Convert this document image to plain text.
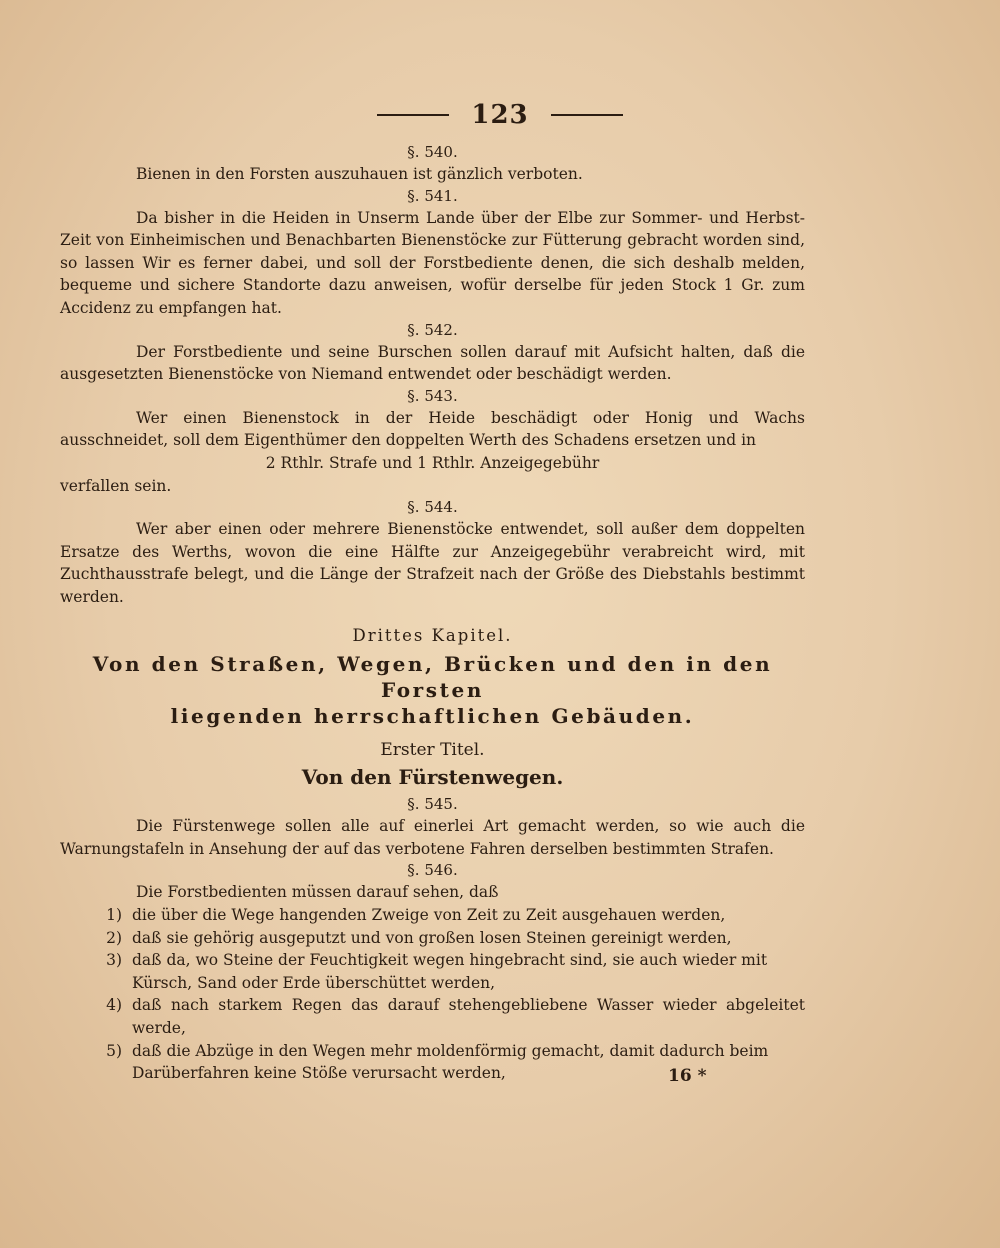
123

§. 540.

Bienen in den Forsten auszuhauen ist gänzlich verboten.

§. 541.

Da bisher in die Heiden in Unserm Lande über der Elbe zur Sommer- und Herbst-Zeit von Einheimischen und Benachbarten Bienenstöcke zur Fütterung gebracht worden sind, so lassen Wir es ferner dabei, und soll der Forstbediente denen, die sich deshalb melden, bequeme und sichere Standorte dazu anweisen, wofür derselbe für jeden Stock 1 Gr. zum Accidenz zu empfangen hat.

§. 542.

Der Forstbediente und seine Burschen sollen darauf mit Aufsicht halten, daß die ausgesetzten Bienenstöcke von Niemand entwendet oder beschädigt werden.

§. 543.

Wer einen Bienenstock in der Heide beschädigt oder Honig und Wachs ausschneidet, soll dem Eigenthümer den doppelten Werth des Schadens ersetzen und in

2 Rthlr. Strafe und 1 Rthlr. Anzeigegebühr

verfallen sein.

§. 544.

Wer aber einen oder mehrere Bienenstöcke entwendet, soll außer dem doppelten Ersatze des Werths, wovon die eine Hälfte zur Anzeigegebühr verabreicht wird, mit Zuchthausstrafe belegt, und die Länge der Strafzeit nach der Größe des Diebstahls bestimmt werden.

Drittes Kapitel.

Von den Straßen, Wegen, Brücken und den in den Forsten

liegenden herrschaftlichen Gebäuden.

Erster Titel.

Von den Fürstenwegen.

§. 545.

Die Fürstenwege sollen alle auf einerlei Art gemacht werden, so wie auch die Warnungstafeln in Ansehung der auf das verbotene Fahren derselben bestimmten Strafen.

§. 546.

Die Forstbedienten müssen darauf sehen, daß

1) die über die Wege hangenden Zweige von Zeit zu Zeit ausgehauen werden,
2) daß sie gehörig ausgeputzt und von großen losen Steinen gereinigt werden,
3) daß da, wo Steine der Feuchtigkeit wegen hingebracht sind, sie auch wieder mit
Kürsch, Sand oder Erde überschüttet werden,
4) daß nach starkem Regen das darauf stehengebliebene Wasser wieder abgeleitet werde,
5) daß die Abzüge in den Wegen mehr moldenförmig gemacht, damit dadurch beim
Darüberfahren keine Stöße verursacht werden,	16 *
